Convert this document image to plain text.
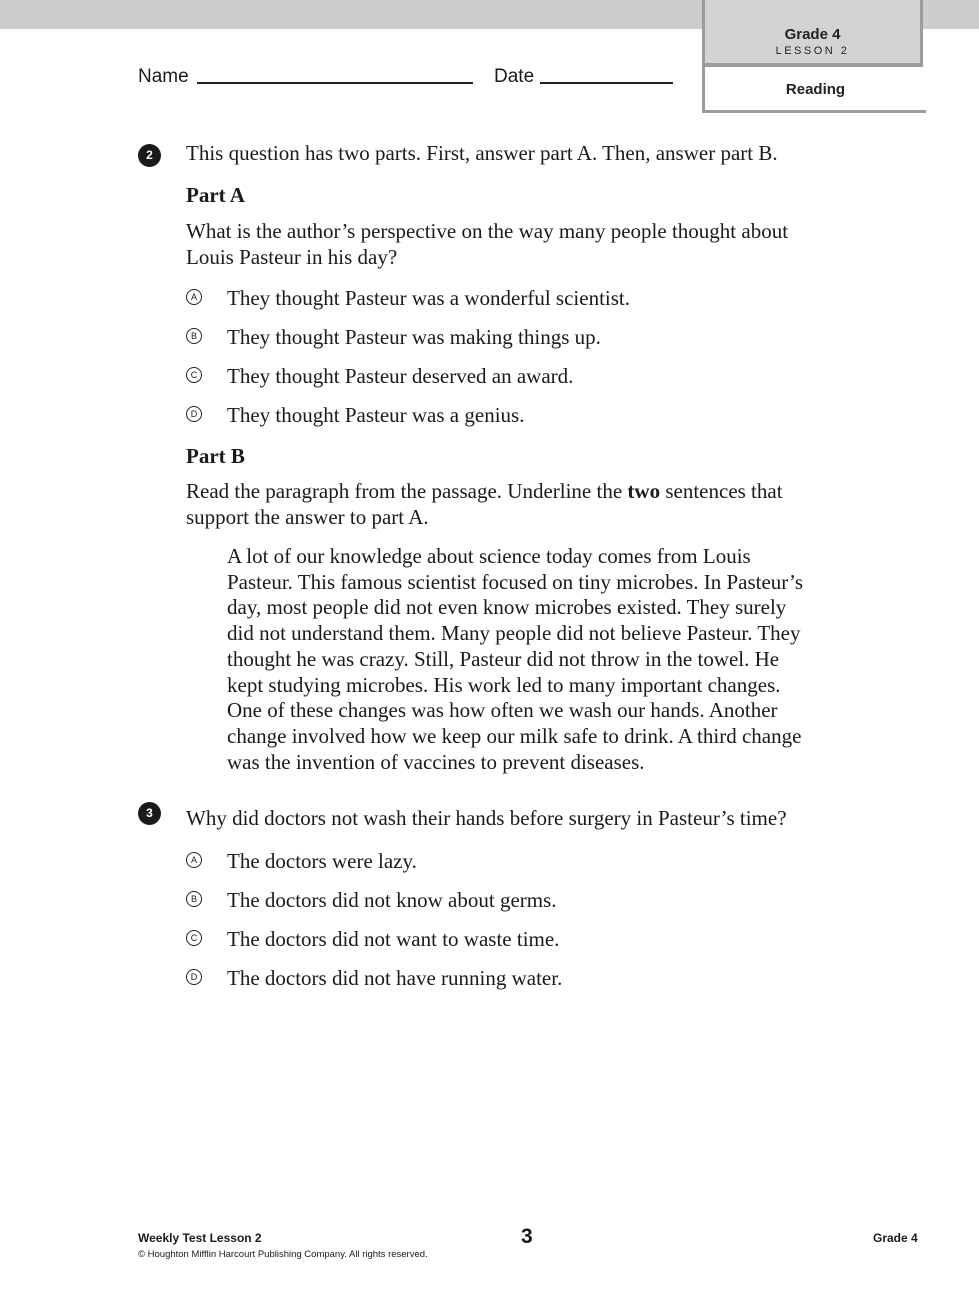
Grade 4
LESSON 2
Reading
Name	Date
2	This question has two parts. First, answer part A. Then, answer part B.
Part A
What is the author’s perspective on the way many people thought about
Louis Pasteur in his day?
A They thought Pasteur was a wonderful scientist.
B They thought Pasteur was making things up.
C They thought Pasteur deserved an award.
D They thought Pasteur was a genius.
Part B
Read the paragraph from the passage. Underline the two sentences that
support the answer to part A.
A lot of our knowledge about science today comes from Louis
Pasteur. This famous scientist focused on tiny microbes. In Pasteur’s
day, most people did not even know microbes existed. They surely
did not understand them. Many people did not believe Pasteur. They
thought he was crazy. Still, Pasteur did not throw in the towel. He
kept studying microbes. His work led to many important changes.
One of these changes was how often we wash our hands. Another
change involved how we keep our milk safe to drink. A third change
was the invention of vaccines to prevent diseases.
3	Why did doctors not wash their hands before surgery in Pasteur’s time?
A The doctors were lazy.
B The doctors did not know about germs.
C The doctors did not want to waste time.
D The doctors did not have running water.
Weekly Test Lesson 2
© Houghton Mifflin Harcourt Publishing Company. All rights reserved.
3	Grade 4
